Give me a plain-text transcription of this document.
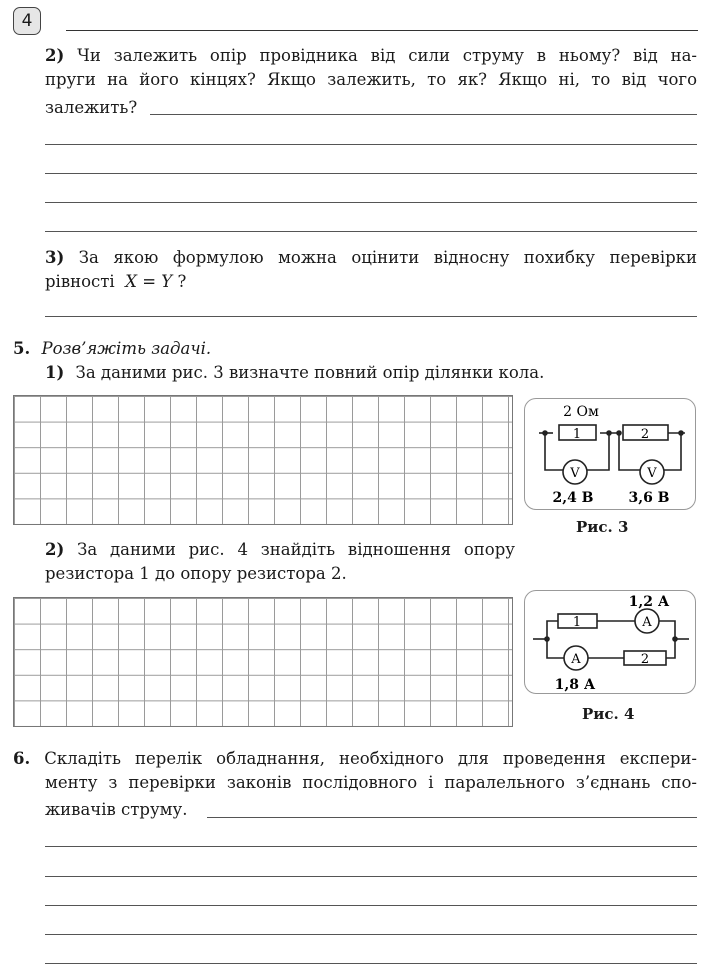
4
2) Чи залежить опір провідника від сили струму в ньому? від на-
пруги на його кінцях? Якщо залежить, то як? Якщо ні, то від чого
залежить?
3) За якою формулою можна оцінити відносну похибку перевірки
рівності X = Y ?
5. Розв’яжіть задачі.
1) За даними рис. 3 визначте повний опір ділянки кола.
2 Ом
1	2
V	V
2,4 В 3,6 В
Рис. 3
2) За даними рис. 4 знайдіть відношення опору
резистора 1 до опору резистора 2.
1,2 А
1
2
A
A
1,8 А
Рис. 4
6. Складіть перелік обладнання, необхідного для проведення експери-
менту з перевірки законів послідовного і паралельного з’єднань спо-
живачів струму.
